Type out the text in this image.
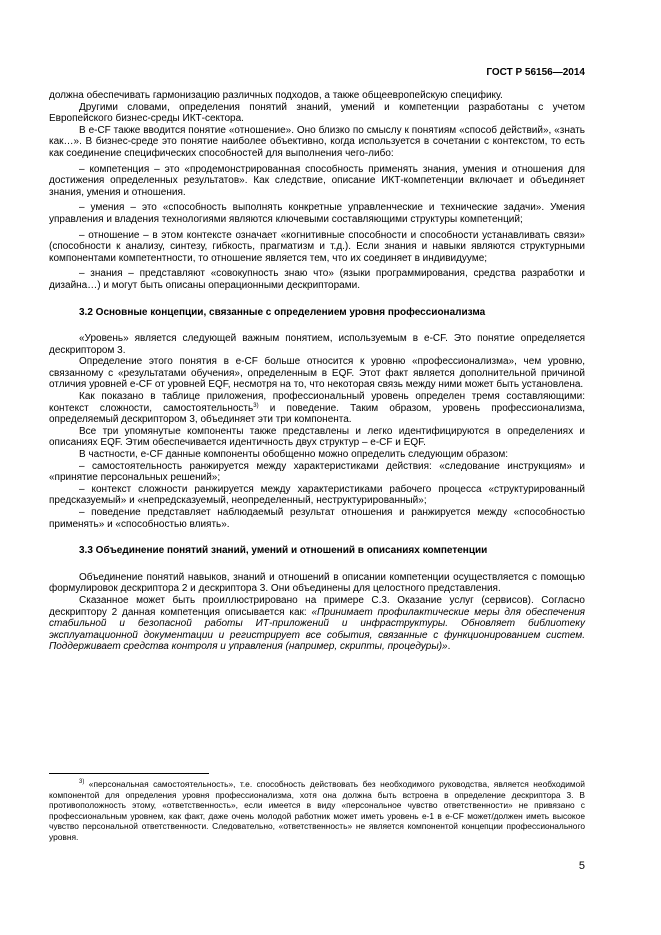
ГОСТ Р 56156—2014

должна обеспечивать гармонизацию различных подходов, а также общеевропейскую специфику.

Другими словами, определения понятий знаний, умений и компетенции разработаны с учетом Европейского бизнес-среды ИКТ-сектора.

В e-CF также вводится понятие «отношение». Оно близко по смыслу к понятиям «способ действий», «знать как…». В бизнес-среде это понятие наиболее объективно, когда используется в сочетании с контекстом, то есть как соединение специфических способностей для выполнения чего-либо:

– компетенция – это «продемонстрированная способность применять знания, умения и отношения для достижения определенных результатов». Как следствие, описание ИКТ-компетенции включает и объединяет знания, умения и отношения.

– умения – это «способность выполнять конкретные управленческие и технические задачи». Умения управления и владения технологиями являются ключевыми составляющими структуры компетенций;

– отношение – в этом контексте означает «когнитивные способности и способности устанавливать связи» (способности к анализу, синтезу, гибкость, прагматизм и т.д.). Если знания и навыки являются структурными компонентами компетентности, то отношение является тем, что их соединяет в индивидууме;

– знания – представляют «совокупность знаю что» (языки программирования, средства разработки и дизайна…) и могут быть описаны операционными дескрипторами.

3.2 Основные концепции, связанные с определением уровня профессионализма

«Уровень» является следующей важным понятием, используемым в e-CF. Это понятие определяется дескриптором 3.

Определение этого понятия в e-CF больше относится к уровню «профессионализма», чем уровню, связанному с «результатами обучения», определенным в EQF. Этот факт является дополнительной причиной отличия уровней e-CF от уровней EQF, несмотря на то, что некоторая связь между ними может быть установлена.

Как показано в таблице приложения, профессиональный уровень определен тремя составляющими: контекст сложности, самостоятельность$^{3)}$ и поведение. Таким образом, уровень профессионализма, определяемый дескриптором 3, объединяет эти три компонента.

Все три упомянутые компоненты также представлены и легко идентифицируются в определениях и описаниях EQF. Этим обеспечивается идентичность двух структур – e-CF и EQF.

В частности, e-CF данные компоненты обобщенно можно определить следующим образом:

– самостоятельность ранжируется между характеристиками действия: «следование инструкциям» и «принятие персональных решений»;

– контекст сложности ранжируется между характеристиками рабочего процесса «структурированный предсказуемый» и «непредсказуемый, неопределенный, неструктурированный»;

– поведение представляет наблюдаемый результат отношения и ранжируется между «способностью применять» и «способностью влиять».

3.3 Объединение понятий знаний, умений и отношений в описаниях компетенции

Объединение понятий навыков, знаний и отношений в описании компетенции осуществляется с помощью формулировок дескриптора 2 и дескриптора 3. Они объединены для целостного представления.

Сказанное может быть проиллюстрировано на примере С.3. Оказание услуг (сервисов). Согласно дескриптору 2 данная компетенция описывается как: «Принимает профилактические меры для обеспечения стабильной и безопасной работы ИТ-приложений и инфраструктуры. Обновляет библиотеку эксплуатационной документации и регистрирует все события, связанные с функционированием систем. Поддерживает средства контроля и управления (например, скрипты, процедуры)».

$^{3)}$ «персональная самостоятельность», т.е. способность действовать без необходимого руководства, является необходимой компонентой для определения уровня профессионализма, хотя она должна быть встроена в определение дескриптора 3. В противоположность этому, «ответственность», если имеется в виду «персональное чувство ответственности» не привязано с профессиональным уровнем, как факт, даже очень молодой работник может иметь уровень e-1 в e-CF может/должен иметь высокое чувство персональной ответственности. Следовательно, «ответственность» не является компонентой концепции профессионального уровня.

5
